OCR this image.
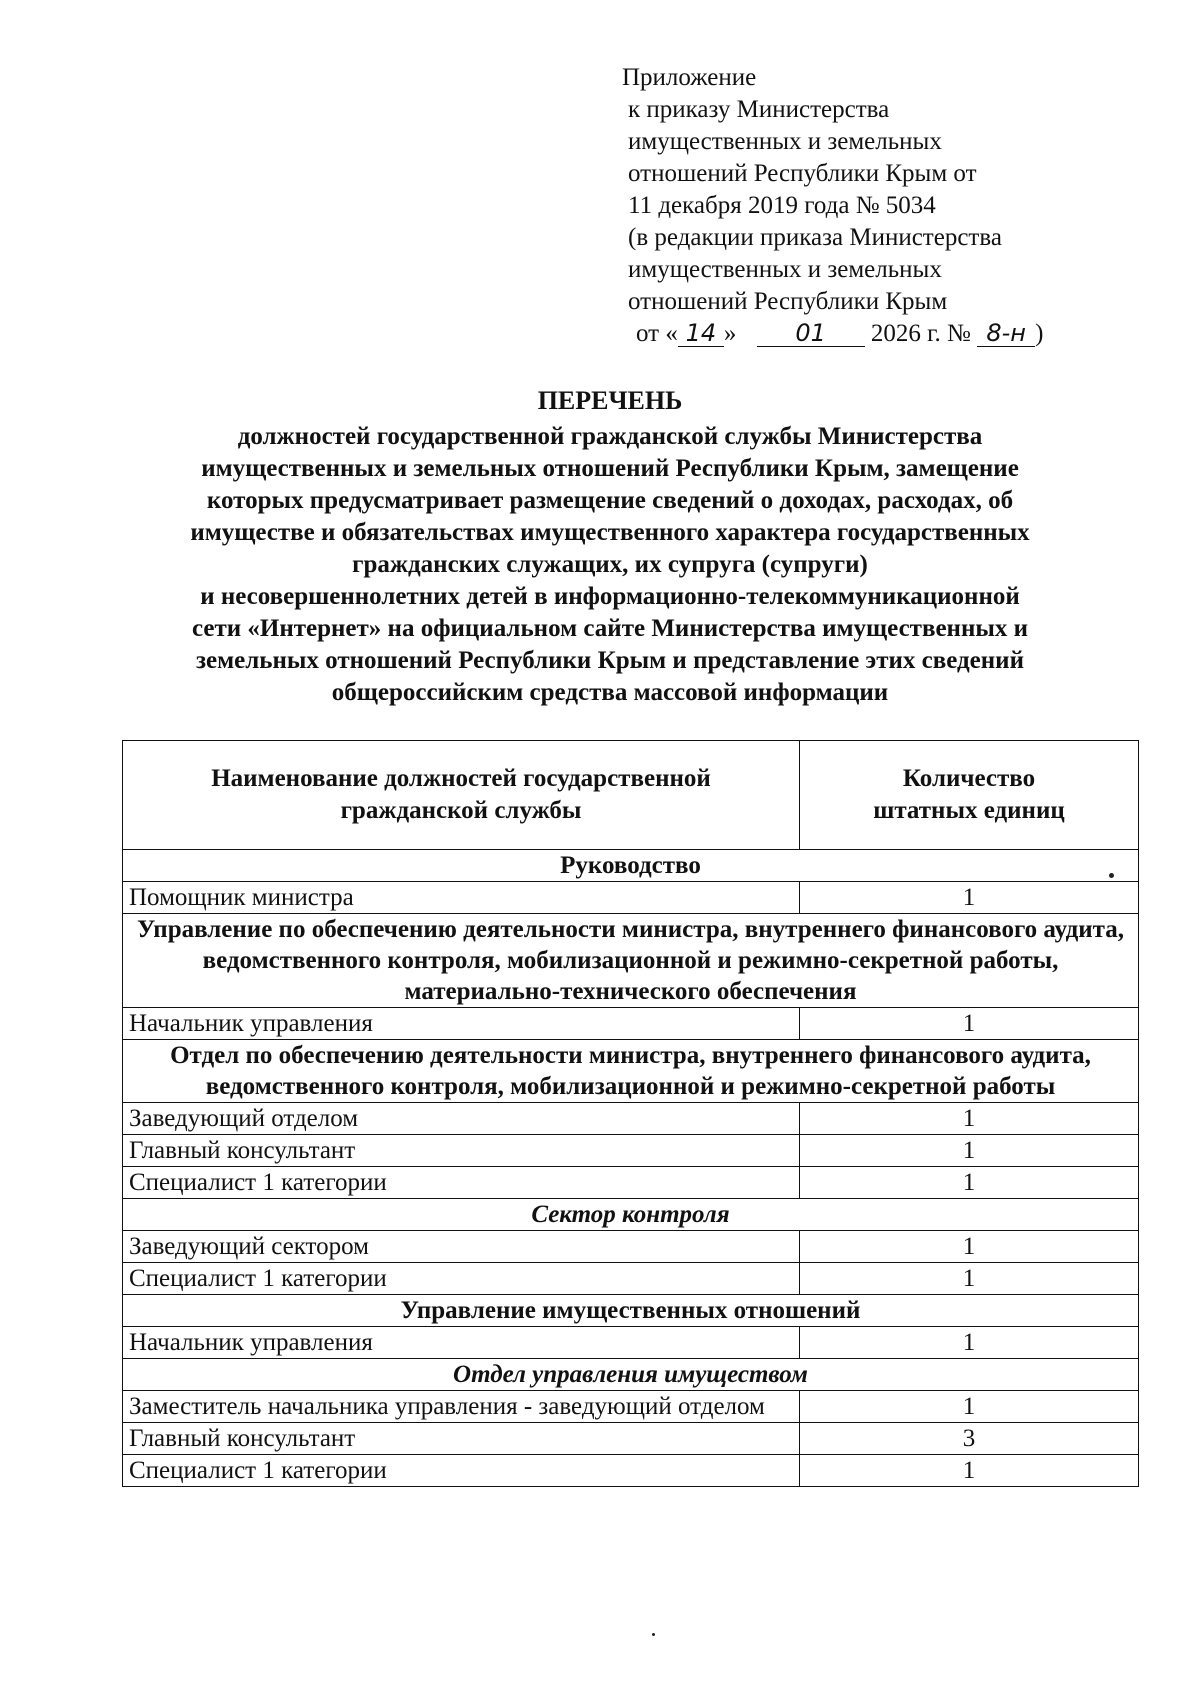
Приложение
к приказу Министерства
имущественных и земельных
отношений Республики Крым от
11 декабря 2019 года № 5034
(в редакции приказа Министерства
имущественных и земельных
отношений Республики Крым
от « 14 » 01 2026 г. № 8-н )
ПЕРЕЧЕНЬ
должностей государственной гражданской службы Министерства
имущественных и земельных отношений Республики Крым, замещение
которых предусматривает размещение сведений о доходах, расходах, об
имуществе и обязательствах имущественного характера государственных
гражданских служащих, их супруга (супруги)
и несовершеннолетних детей в информационно-телекоммуникационной
сети «Интернет» на официальном сайте Министерства имущественных и
земельных отношений Республики Крым и представление этих сведений
общероссийским средства массовой информации
Наименование должностей государственной гражданской службы	Количество штатных единиц

Руководство	
Помощник министра	1
Управление по обеспечению деятельности министра, внутреннего финансового аудита, ведомственного контроля, мобилизационной и режимно-секретной работы, материально-технического обеспечения	
Начальник управления	1
Отдел по обеспечению деятельности министра, внутреннего финансового аудита, ведомственного контроля, мобилизационной и режимно-секретной работы	
Заведующий отделом	1
Главный консультант	1
Специалист 1 категории	1
Сектор контроля	
Заведующий сектором	1
Специалист 1 категории	1
Управление имущественных отношений	
Начальник управления	1
Отдел управления имуществом	
Заместитель начальника управления - заведующий отделом	1
Главный консультант	3
Специалист 1 категории	1
